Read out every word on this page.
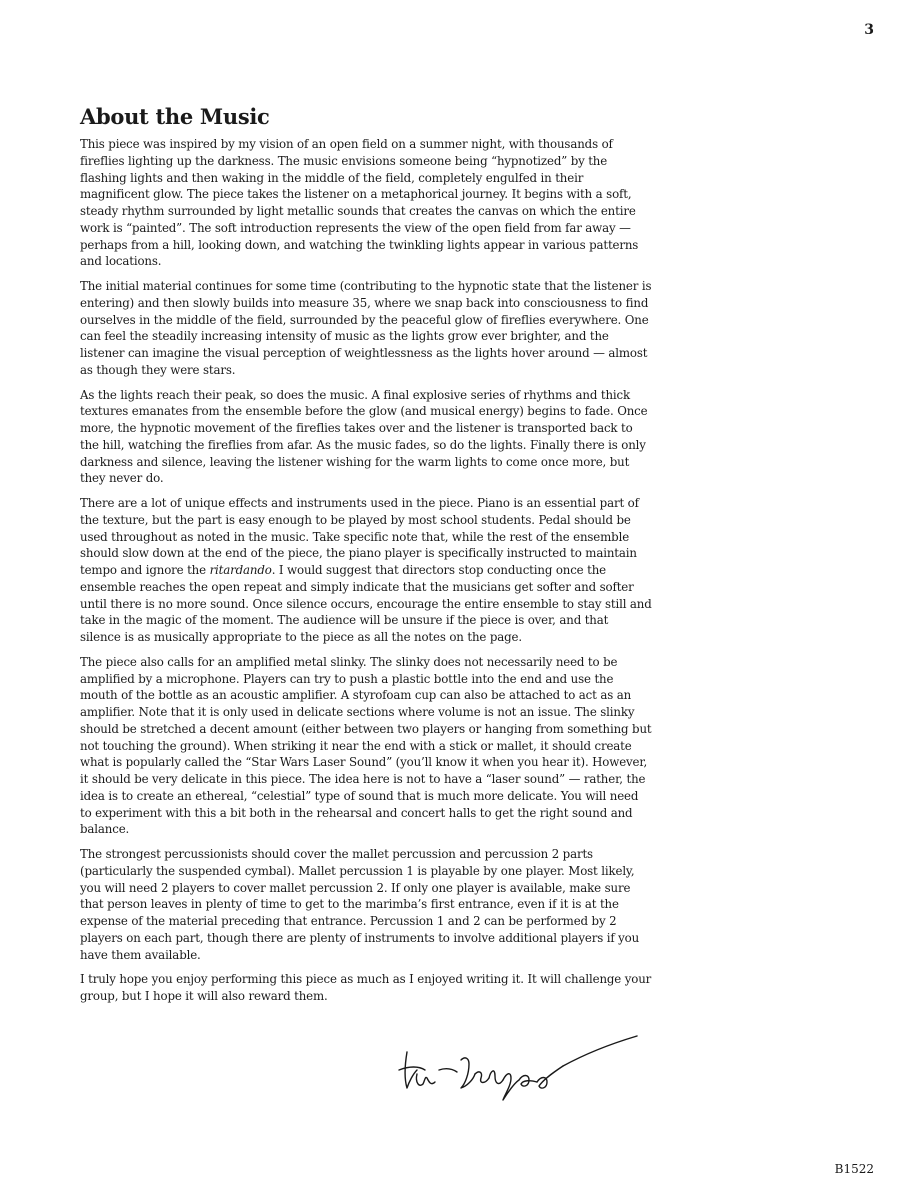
3
About the Music

This piece was inspired by my vision of an open field on a summer night, with thousands of fireflies lighting up the darkness. The music envisions someone being “hypnotized” by the flashing lights and then waking in the middle of the field, completely engulfed in their magnificent glow. The piece takes the listener on a metaphorical journey. It begins with a soft, steady rhythm surrounded by light metallic sounds that creates the canvas on which the entire work is “painted”. The soft introduction represents the view of the open field from far away — perhaps from a hill, looking down, and watching the twinkling lights appear in various patterns and locations.

The initial material continues for some time (contributing to the hypnotic state that the listener is entering) and then slowly builds into measure 35, where we snap back into consciousness to find ourselves in the middle of the field, surrounded by the peaceful glow of fireflies everywhere. One can feel the steadily increasing intensity of music as the lights grow ever brighter, and the listener can imagine the visual perception of weightlessness as the lights hover around — almost as though they were stars.

As the lights reach their peak, so does the music. A final explosive series of rhythms and thick textures emanates from the ensemble before the glow (and musical energy) begins to fade. Once more, the hypnotic movement of the fireflies takes over and the listener is transported back to the hill, watching the fireflies from afar. As the music fades, so do the lights. Finally there is only darkness and silence, leaving the listener wishing for the warm lights to come once more, but they never do.

There are a lot of unique effects and instruments used in the piece. Piano is an essential part of the texture, but the part is easy enough to be played by most school students. Pedal should be used throughout as noted in the music. Take specific note that, while the rest of the ensemble should slow down at the end of the piece, the piano player is specifically instructed to maintain tempo and ignore the ritardando. I would suggest that directors stop conducting once the ensemble reaches the open repeat and simply indicate that the musicians get softer and softer until there is no more sound. Once silence occurs, encourage the entire ensemble to stay still and take in the magic of the moment. The audience will be unsure if the piece is over, and that silence is as musically appropriate to the piece as all the notes on the page.

The piece also calls for an amplified metal slinky. The slinky does not necessarily need to be amplified by a microphone. Players can try to push a plastic bottle into the end and use the mouth of the bottle as an acoustic amplifier. A styrofoam cup can also be attached to act as an amplifier. Note that it is only used in delicate sections where volume is not an issue. The slinky should be stretched a decent amount (either between two players or hanging from something but not touching the ground). When striking it near the end with a stick or mallet, it should create what is popularly called the “Star Wars Laser Sound” (you’ll know it when you hear it). However, it should be very delicate in this piece. The idea here is not to have a “laser sound” — rather, the idea is to create an ethereal, “celestial” type of sound that is much more delicate. You will need to experiment with this a bit both in the rehearsal and concert halls to get the right sound and balance.

The strongest percussionists should cover the mallet percussion and percussion 2 parts (particularly the suspended cymbal). Mallet percussion 1 is playable by one player. Most likely, you will need 2 players to cover mallet percussion 2. If only one player is available, make sure that person leaves in plenty of time to get to the marimba’s first entrance, even if it is at the expense of the material preceding that entrance. Percussion 1 and 2 can be performed by 2 players on each part, though there are plenty of instruments to involve additional players if you have them available.

I truly hope you enjoy performing this piece as much as I enjoyed writing it. It will challenge your group, but I hope it will also reward them.

B1522
